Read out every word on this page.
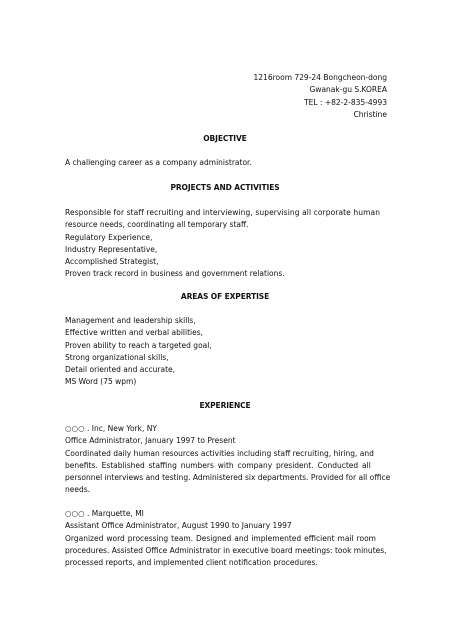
1216room 729-24 Bongcheon-dong
Gwanak-gu S.KOREA
TEL : +82-2-835-4993
Christine
OBJECTIVE
A challenging career as a company administrator.
PROJECTS AND ACTIVITIES
Responsible for staff recruiting and interviewing, supervising all corporate human
resource needs, coordinating all temporary staff.
Regulatory Experience,
Industry Representative,
Accomplished Strategist,
Proven track record in business and government relations.
AREAS OF EXPERTISE
Management and leadership skills,
Effective written and verbal abilities,
Proven ability to reach a targeted goal,
Strong organizational skills,
Detail oriented and accurate,
MS Word (75 wpm)
EXPERIENCE
○○○ . Inc, New York, NY
Office Administrator, January 1997 to Present
Coordinated daily human resources activities including staff recruiting, hiring, and
benefits. Established staffing numbers with company president. Conducted all
personnel interviews and testing. Administered six departments. Provided for all office
needs.
○○○ . Marquette, MI
Assistant Office Administrator, August 1990 to January 1997
Organized word processing team. Designed and implemented efficient mail room
procedures. Assisted Office Administrator in executive board meetings: took minutes,
processed reports, and implemented client notification procedures.
